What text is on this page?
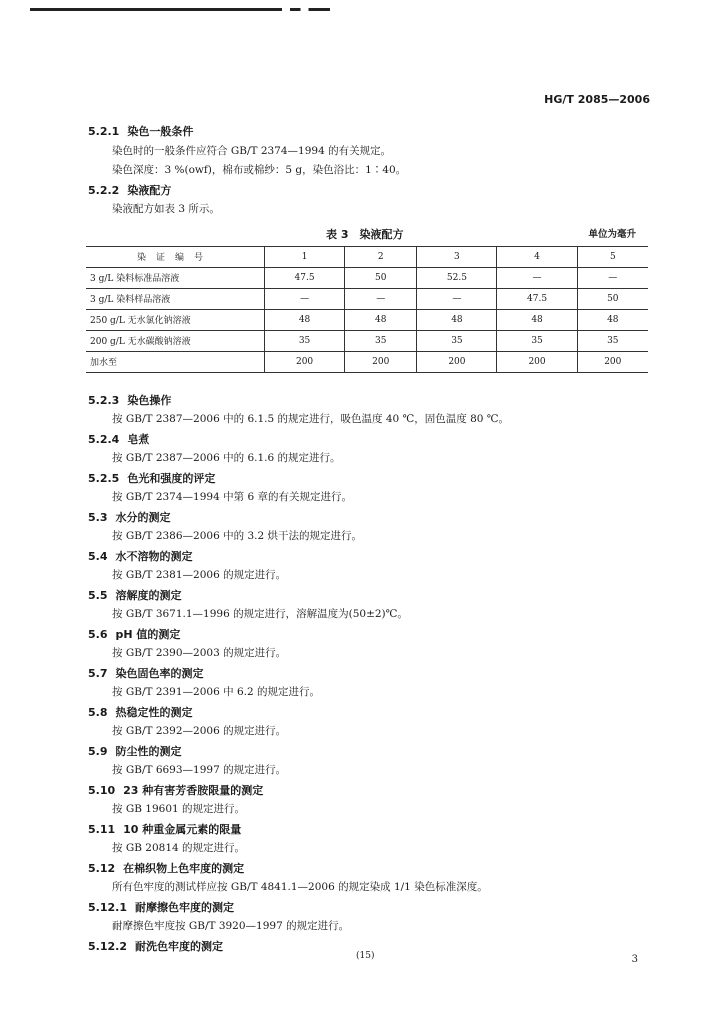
HG/T 2085—2006
5.2.1 染色一般条件
染色时的一般条件应符合 GB/T 2374—1994 的有关规定。
染色深度：3 %(owf)，棉布或棉纱：5 g，染色浴比：1∶40。
5.2.2 染液配方
染液配方如表 3 所示。
表 3　染液配方	单位为毫升
染证编号	1	2	3	4	5
3 g/L 染料标准品溶液	47.5	50	52.5	—	—
3 g/L 染料样品溶液	—	—	—	47.5	50
250 g/L 无水氯化钠溶液	48	48	48	48	48
200 g/L 无水碳酸钠溶液	35	35	35	35	35
加水至	200	200	200	200	200
5.2.3 染色操作
按 GB/T 2387—2006 中的 6.1.5 的规定进行，吸色温度 40 ℃，固色温度 80 ℃。
5.2.4 皂煮
按 GB/T 2387—2006 中的 6.1.6 的规定进行。
5.2.5 色光和强度的评定
按 GB/T 2374—1994 中第 6 章的有关规定进行。
5.3 水分的测定
按 GB/T 2386—2006 中的 3.2 烘干法的规定进行。
5.4 水不溶物的测定
按 GB/T 2381—2006 的规定进行。
5.5 溶解度的测定
按 GB/T 3671.1—1996 的规定进行，溶解温度为(50±2)℃。
5.6 pH 值的测定
按 GB/T 2390—2003 的规定进行。
5.7 染色固色率的测定
按 GB/T 2391—2006 中 6.2 的规定进行。
5.8 热稳定性的测定
按 GB/T 2392—2006 的规定进行。
5.9 防尘性的测定
按 GB/T 6693—1997 的规定进行。
5.10 23 种有害芳香胺限量的测定
按 GB 19601 的规定进行。
5.11 10 种重金属元素的限量
按 GB 20814 的规定进行。
5.12 在棉织物上色牢度的测定
所有色牢度的测试样应按 GB/T 4841.1—2006 的规定染成 1/1 染色标准深度。
5.12.1 耐摩擦色牢度的测定
耐摩擦色牢度按 GB/T 3920—1997 的规定进行。
5.12.2 耐洗色牢度的测定
(15)	3
